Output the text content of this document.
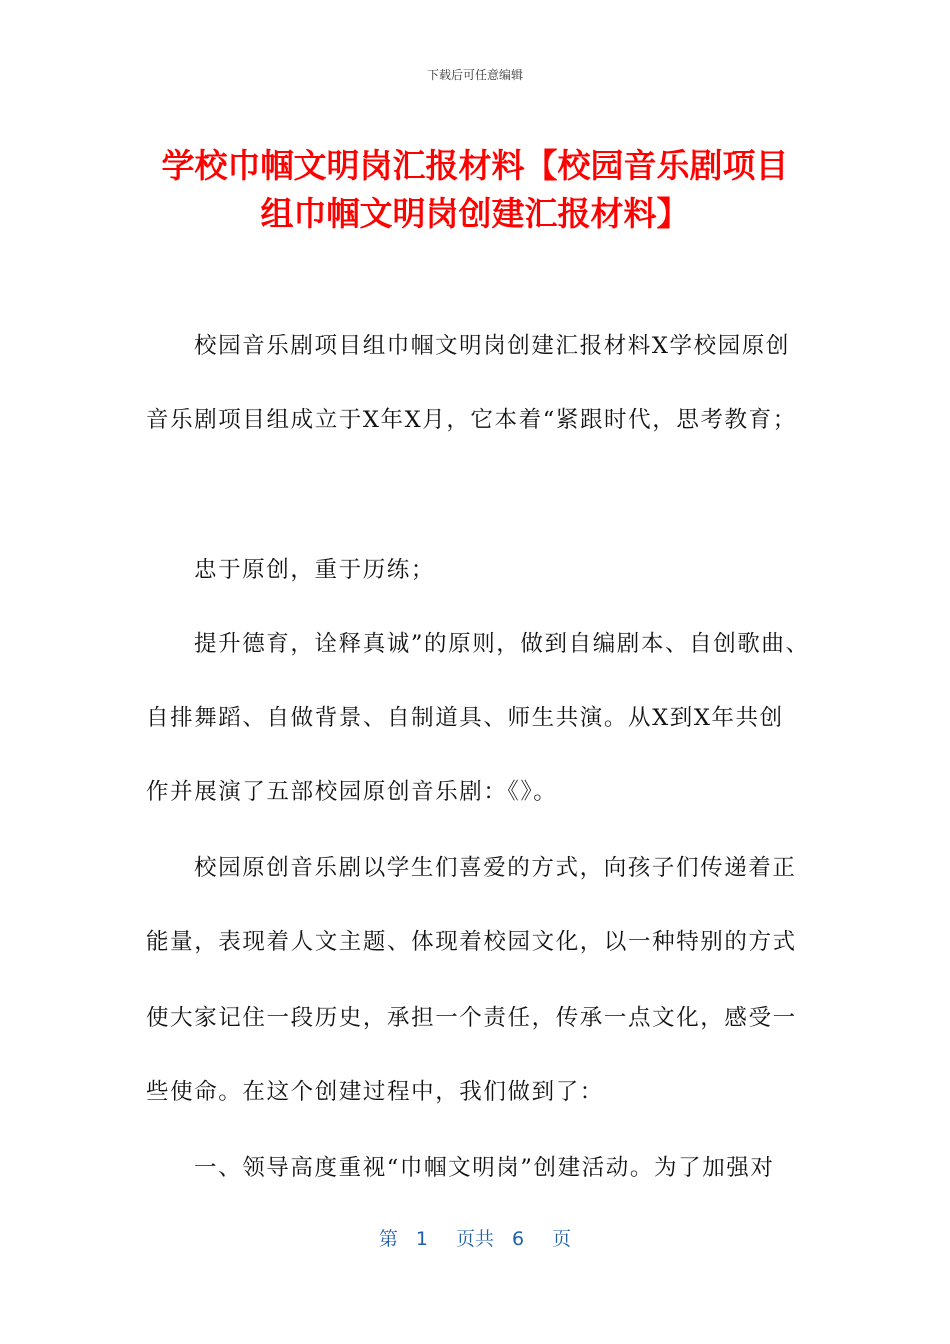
下载后可任意编辑
学校巾帼文明岗汇报材料【校园音乐剧项目
组巾帼文明岗创建汇报材料】
校园音乐剧项目组巾帼文明岗创建汇报材料X学校园原创
音乐剧项目组成立于X年X月，它本着“紧跟时代，思考教育；
忠于原创，重于历练；
提升德育，诠释真诚”的原则，做到自编剧本、自创歌曲、
自排舞蹈、自做背景、自制道具、师生共演。从X到X年共创
作并展演了五部校园原创音乐剧：《》。
校园原创音乐剧以学生们喜爱的方式，向孩子们传递着正
能量，表现着人文主题、体现着校园文化，以一种特别的方式
使大家记住一段历史，承担一个责任，传承一点文化，感受一
些使命。在这个创建过程中，我们做到了：
一、领导高度重视“巾帼文明岗”创建活动。为了加强对
第 1 页共 6 页
